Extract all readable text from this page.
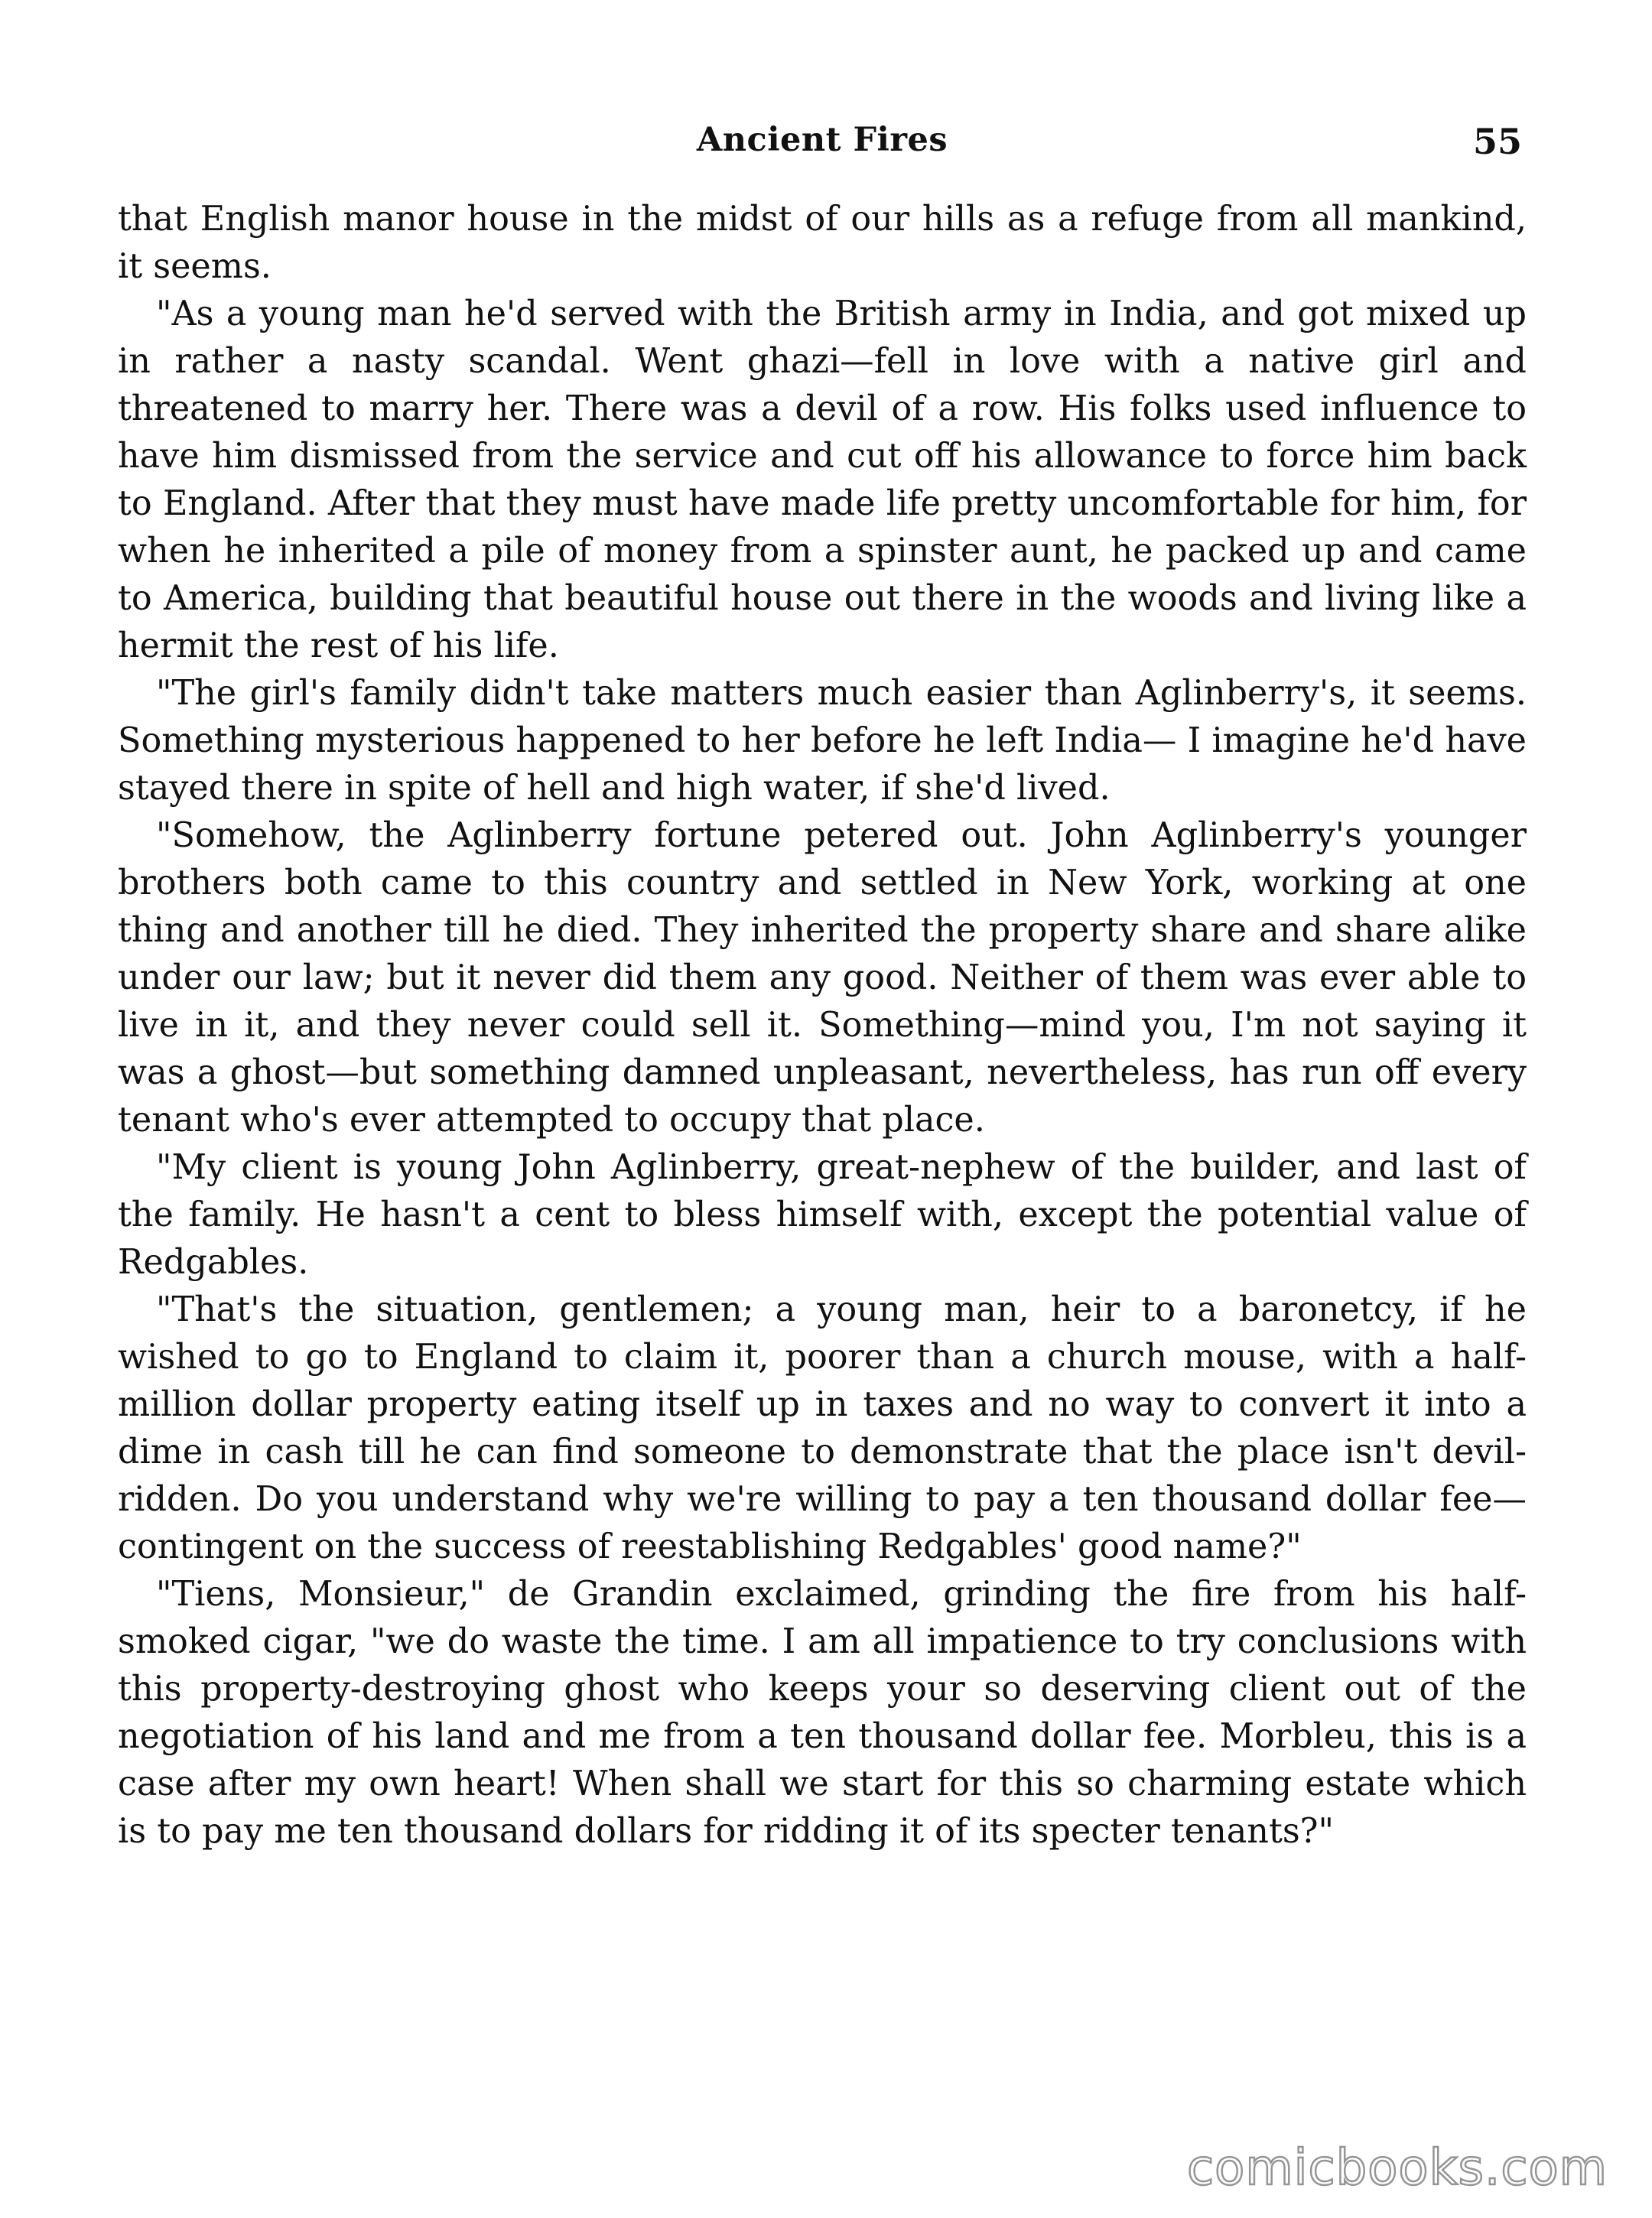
Ancient Fires	55

that English manor house in the midst of our hills as a refuge from all mankind, it seems.

"As a young man he'd served with the British army in India, and got mixed up in rather a nasty scandal. Went ghazi—fell in love with a native girl and threatened to marry her. There was a devil of a row. His folks used influence to have him dismissed from the service and cut off his allowance to force him back to England. After that they must have made life pretty uncomfortable for him, for when he inherited a pile of money from a spinster aunt, he packed up and came to America, building that beautiful house out there in the woods and living like a hermit the rest of his life.

"The girl's family didn't take matters much easier than Aglinberry's, it seems. Something mysterious happened to her before he left India— I imagine he'd have stayed there in spite of hell and high water, if she'd lived.

"Somehow, the Aglinberry fortune petered out. John Aglinberry's younger brothers both came to this country and settled in New York, working at one thing and another till he died. They inherited the property share and share alike under our law; but it never did them any good. Neither of them was ever able to live in it, and they never could sell it. Something—mind you, I'm not saying it was a ghost—but something damned unpleasant, nevertheless, has run off every tenant who's ever attempted to occupy that place.

"My client is young John Aglinberry, great-nephew of the builder, and last of the family. He hasn't a cent to bless himself with, except the potential value of Redgables.

"That's the situation, gentlemen; a young man, heir to a baronetcy, if he wished to go to England to claim it, poorer than a church mouse, with a half-million dollar property eating itself up in taxes and no way to convert it into a dime in cash till he can find someone to demonstrate that the place isn't devil-ridden. Do you understand why we're willing to pay a ten thousand dollar fee—contingent on the success of reestablishing Redgables' good name?"

"Tiens, Monsieur," de Grandin exclaimed, grinding the fire from his half-smoked cigar, "we do waste the time. I am all impatience to try conclusions with this property-destroying ghost who keeps your so deserving client out of the negotiation of his land and me from a ten thousand dollar fee. Morbleu, this is a case after my own heart! When shall we start for this so charming estate which is to pay me ten thousand dollars for ridding it of its specter tenants?"

comicbooks.com
